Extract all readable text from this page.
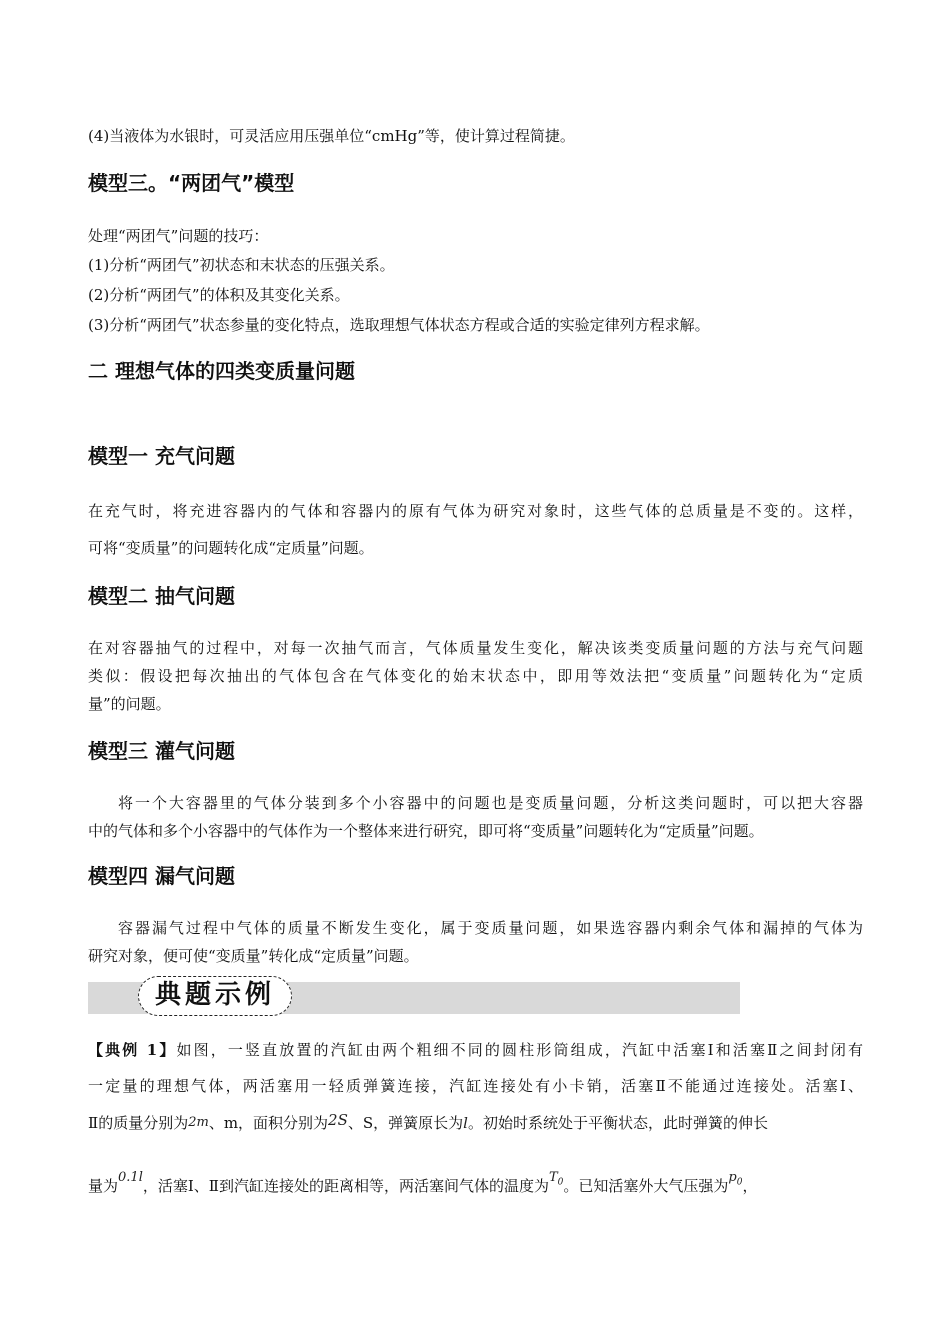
(4)当液体为水银时，可灵活应用压强单位“cmHg”等，使计算过程简捷。
模型三。“两团气”模型
处理“两团气”问题的技巧：
(1)分析“两团气”初状态和末状态的压强关系。
(2)分析“两团气”的体积及其变化关系。
(3)分析“两团气”状态参量的变化特点，选取理想气体状态方程或合适的实验定律列方程求解。
二 理想气体的四类变质量问题
模型一 充气问题
在充气时，将充进容器内的气体和容器内的原有气体为研究对象时，这些气体的总质量是不变的。这样，
可将“变质量”的问题转化成“定质量”问题。
模型二 抽气问题
在对容器抽气的过程中，对每一次抽气而言，气体质量发生变化，解决该类变质量问题的方法与充气问题
类似：假设把每次抽出的气体包含在气体变化的始末状态中，即用等效法把“变质量”问题转化为“定质
量”的问题。
模型三 灌气问题
将一个大容器里的气体分装到多个小容器中的问题也是变质量问题，分析这类问题时，可以把大容器
中的气体和多个小容器中的气体作为一个整体来进行研究，即可将“变质量”问题转化为“定质量”问题。
模型四 漏气问题
容器漏气过程中气体的质量不断发生变化，属于变质量问题，如果选容器内剩余气体和漏掉的气体为
研究对象，便可使“变质量”转化成“定质量”问题。
典题示例
【典例 1】如图，一竖直放置的汽缸由两个粗细不同的圆柱形筒组成，汽缸中活塞Ⅰ和活塞Ⅱ之间封闭有
一定量的理想气体，两活塞用一轻质弹簧连接，汽缸连接处有小卡销，活塞Ⅱ不能通过连接处。活塞Ⅰ、
Ⅱ的质量分别为2m、m，面积分别为2S、S，弹簧原长为l。初始时系统处于平衡状态，此时弹簧的伸长
量为0.1l，活塞Ⅰ、Ⅱ到汽缸连接处的距离相等，两活塞间气体的温度为$T_0$。已知活塞外大气压强为$p_0$，
